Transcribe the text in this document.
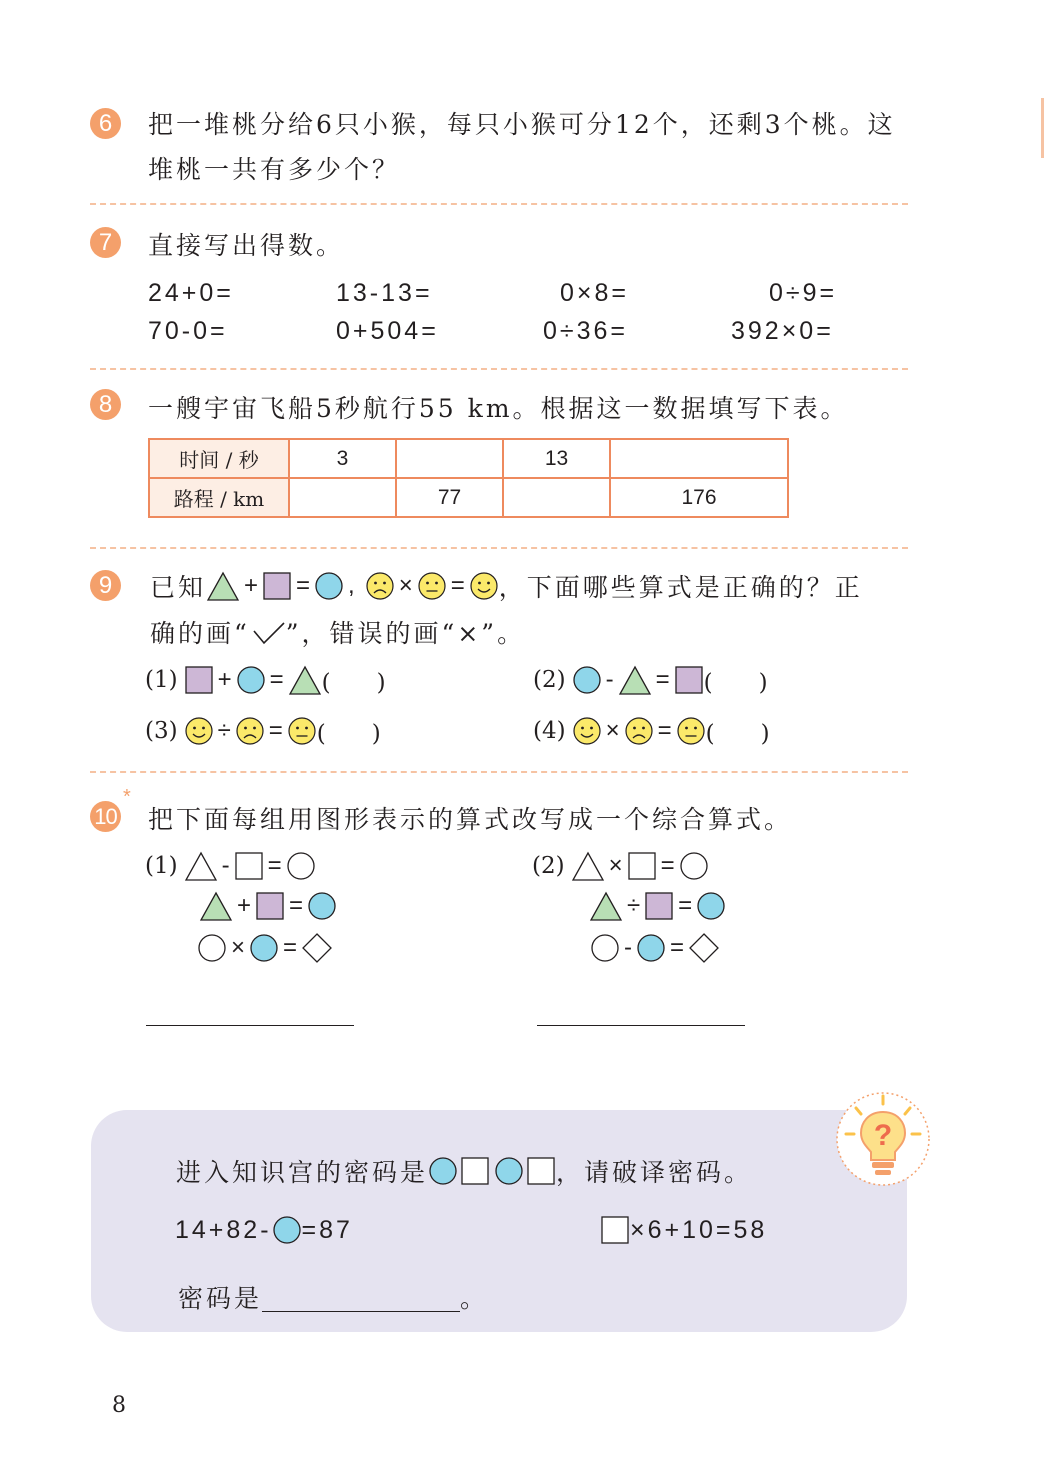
6	把一堆桃分给6只小猴，每只小猴可分12个，还剩3个桃。这
堆桃一共有多少个？
7	直接写出得数。
24+0=	13-13=	0×8=	0÷9=
70-0=	0+504=	0÷36=	392×0=
8	一艘宇宙飞船5秒航行55 km。根据这一数据填写下表。
时间 / 秒	3		13	
路程 / km		77		176
9	已知 + = , × = ，下面哪些算式是正确的？正
确的画“ ”，错误的画“×”。
(1) + = (　　)	(2) - = (　　)
(3) ÷ = (　　)	(4) × = (　　)
10
*
把下面每组用图形表示的算式改写成一个综合算式。
(1) - =
+ =
× =
(2) × =
÷ =
- =
?
进入知识宫的密码是	，请破译密码。
14+82- =87	×6+10=58
密码是	。
8
